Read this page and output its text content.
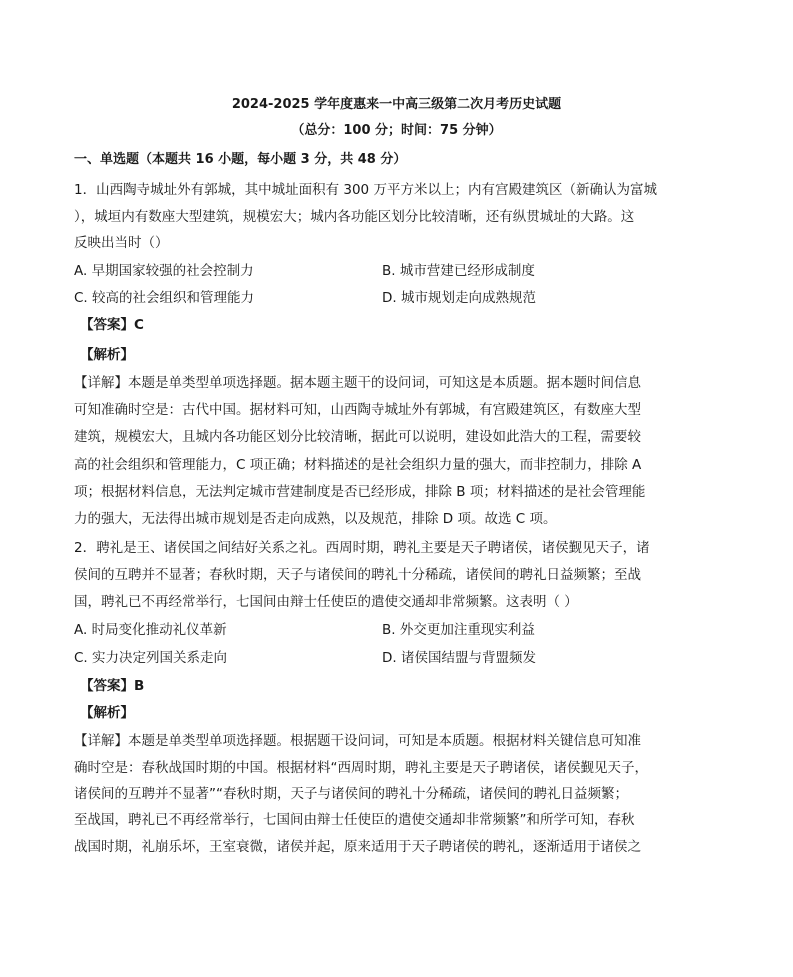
2024-2025 学年度惠来一中高三级第二次月考历史试题
（总分：100 分；时间：75 分钟）
一、单选题（本题共 16 小题，每小题 3 分，共 48 分）
1．山西陶寺城址外有郭城，其中城址面积有 300 万平方米以上；内有宫殿建筑区（新确认为富城
），城垣内有数座大型建筑，规模宏大；城内各功能区划分比较清晰，还有纵贯城址的大路。这
反映出当时（）
A. 早期国家较强的社会控制力	B. 城市营建已经形成制度
C. 较高的社会组织和管理能力	D. 城市规划走向成熟规范
【答案】C
【解析】
【详解】本题是单类型单项选择题。据本题主题干的设问词，可知这是本质题。据本题时间信息
可知准确时空是：古代中国。据材料可知，山西陶寺城址外有郭城，有宫殿建筑区，有数座大型
建筑，规模宏大，且城内各功能区划分比较清晰，据此可以说明，建设如此浩大的工程，需要较
高的社会组织和管理能力，C 项正确；材料描述的是社会组织力量的强大，而非控制力，排除 A
项；根据材料信息，无法判定城市营建制度是否已经形成，排除 B 项；材料描述的是社会管理能
力的强大，无法得出城市规划是否走向成熟，以及规范，排除 D 项。故选 C 项。
2．聘礼是王、诸侯国之间结好关系之礼。西周时期，聘礼主要是天子聘诸侯，诸侯觐见天子，诸
侯间的互聘并不显著；春秋时期，天子与诸侯间的聘礼十分稀疏，诸侯间的聘礼日益频繁；至战
国，聘礼已不再经常举行，七国间由辩士任使臣的遣使交通却非常频繁。这表明（ ）
A. 时局变化推动礼仪革新	B. 外交更加注重现实利益
C. 实力决定列国关系走向	D. 诸侯国结盟与背盟频发
【答案】B
【解析】
【详解】本题是单类型单项选择题。根据题干设问词，可知是本质题。根据材料关键信息可知准
确时空是：春秋战国时期的中国。根据材料“西周时期，聘礼主要是天子聘诸侯，诸侯觐见天子，
诸侯间的互聘并不显著”“春秋时期，天子与诸侯间的聘礼十分稀疏，诸侯间的聘礼日益频繁；
至战国，聘礼已不再经常举行，七国间由辩士任使臣的遣使交通却非常频繁”和所学可知，春秋
战国时期，礼崩乐坏，王室衰微，诸侯并起，原来适用于天子聘诸侯的聘礼，逐渐适用于诸侯之
